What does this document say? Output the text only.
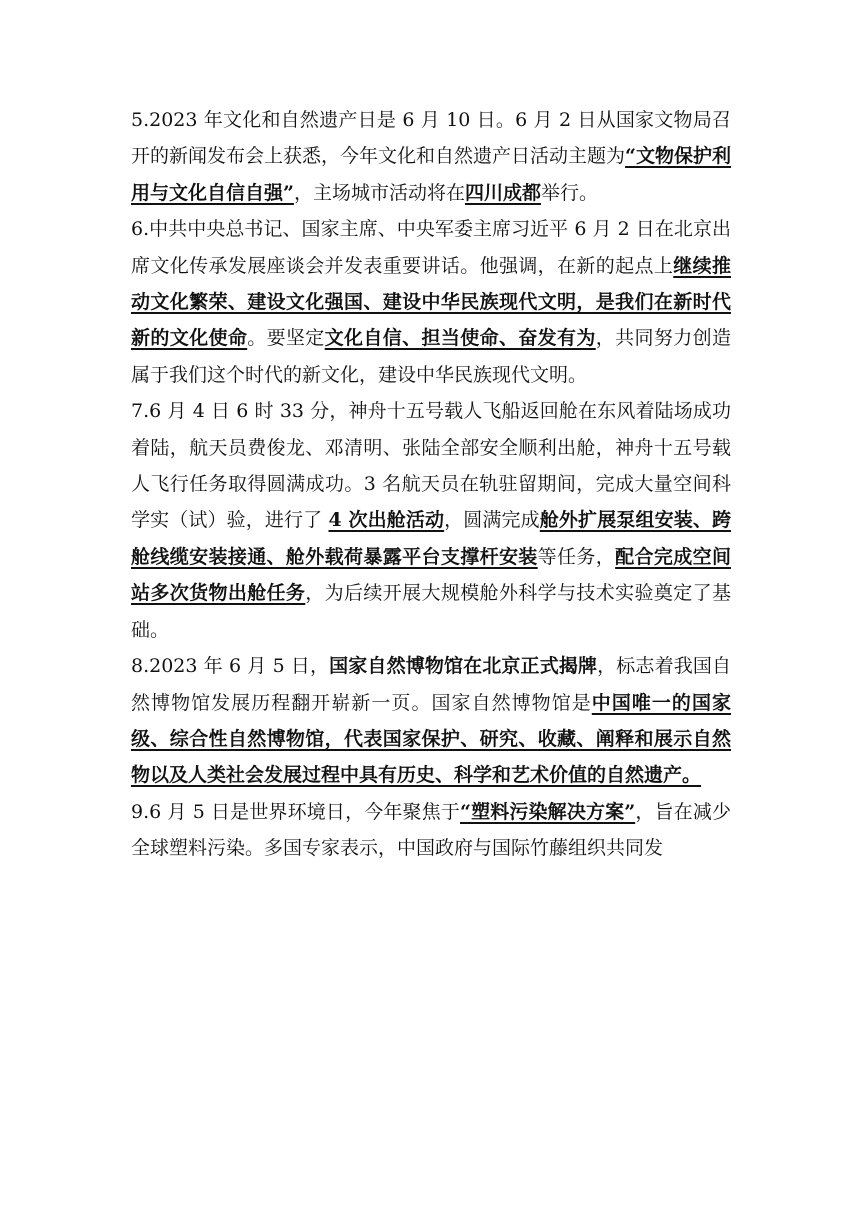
5.2023 年文化和自然遗产日是 6 月 10 日。6 月 2 日从国家文物局召开的新闻发布会上获悉，今年文化和自然遗产日活动主题为“文物保护利用与文化自信自强”，主场城市活动将在四川成都举行。

6.中共中央总书记、国家主席、中央军委主席习近平 6 月 2 日在北京出席文化传承发展座谈会并发表重要讲话。他强调，在新的起点上继续推动文化繁荣、建设文化强国、建设中华民族现代文明，是我们在新时代新的文化使命。要坚定文化自信、担当使命、奋发有为，共同努力创造属于我们这个时代的新文化，建设中华民族现代文明。

7.6 月 4 日 6 时 33 分，神舟十五号载人飞船返回舱在东风着陆场成功着陆，航天员费俊龙、邓清明、张陆全部安全顺利出舱，神舟十五号载人飞行任务取得圆满成功。3 名航天员在轨驻留期间，完成大量空间科学实（试）验，进行了 4 次出舱活动，圆满完成舱外扩展泵组安装、跨舱线缆安装接通、舱外载荷暴露平台支撑杆安装等任务，配合完成空间站多次货物出舱任务，为后续开展大规模舱外科学与技术实验奠定了基础。

8.2023 年 6 月 5 日，国家自然博物馆在北京正式揭牌，标志着我国自然博物馆发展历程翻开崭新一页。国家自然博物馆是中国唯一的国家级、综合性自然博物馆，代表国家保护、研究、收藏、阐释和展示自然物以及人类社会发展过程中具有历史、科学和艺术价值的自然遗产。

9.6 月 5 日是世界环境日，今年聚焦于“塑料污染解决方案”，旨在减少全球塑料污染。多国专家表示，中国政府与国际竹藤组织共同发
